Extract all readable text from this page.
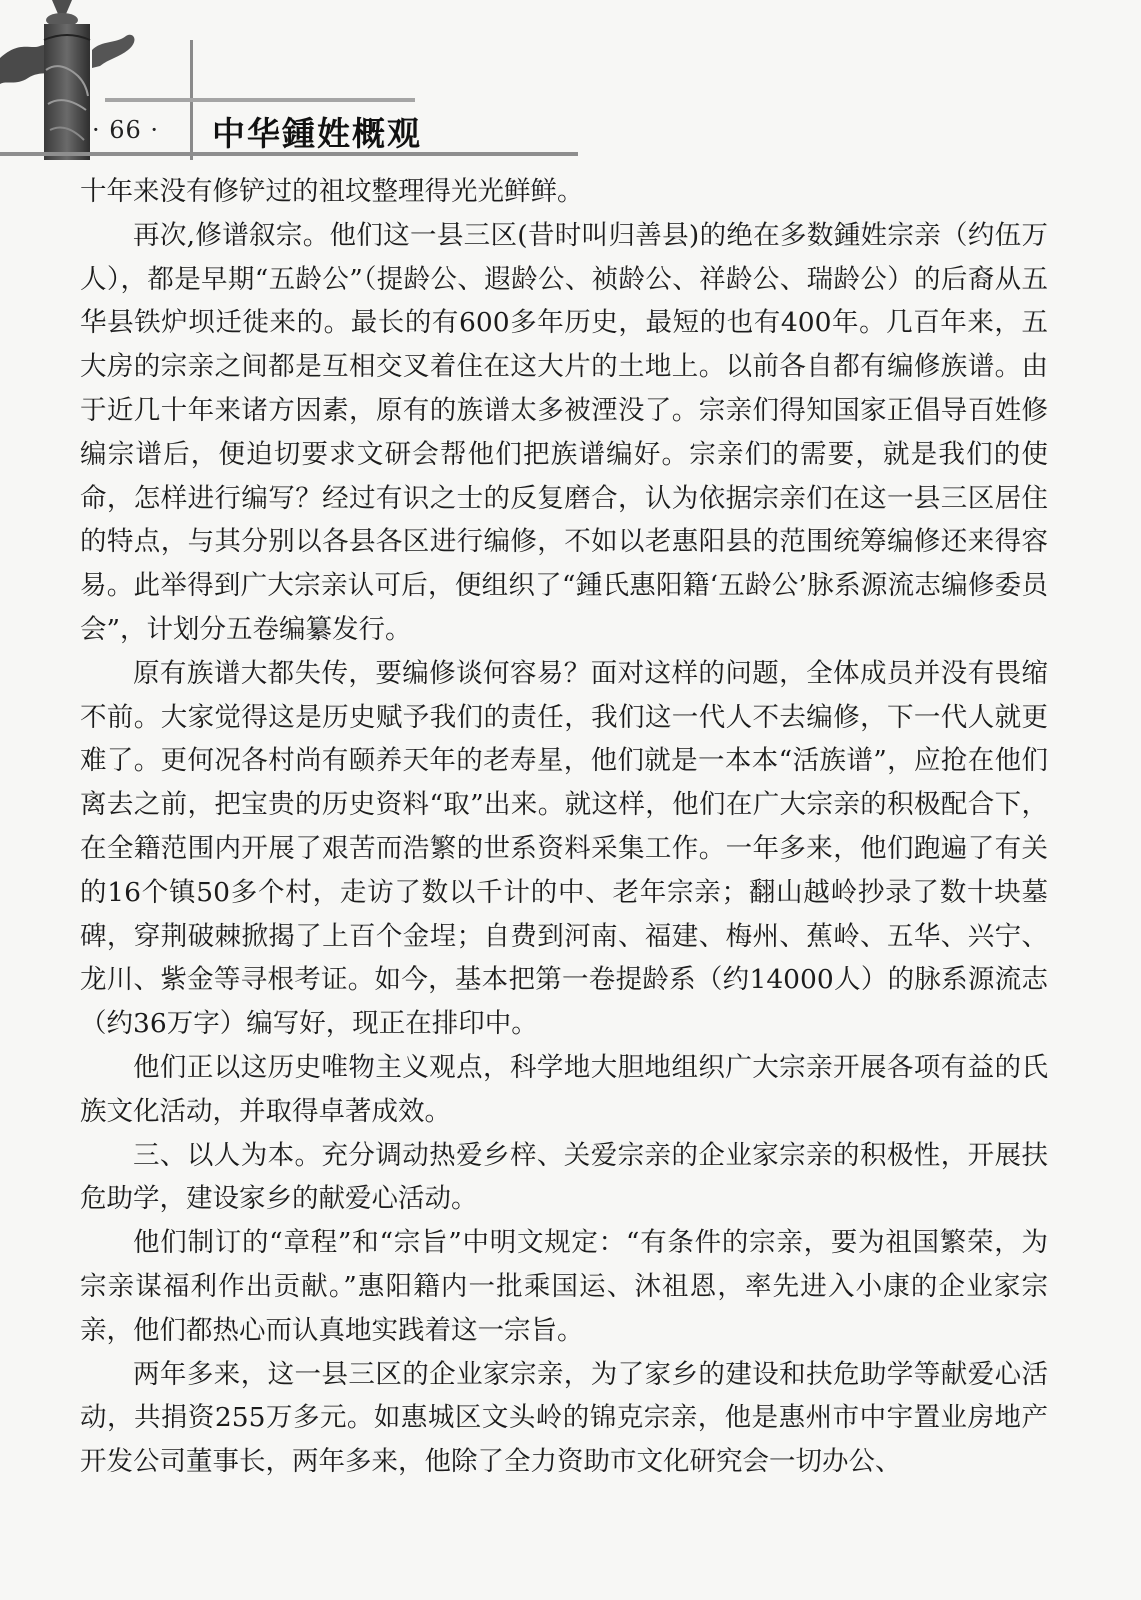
· 66 · 中华鍾姓概观

十年来没有修铲过的祖坟整理得光光鲜鲜。

再次,修谱叙宗。他们这一县三区(昔时叫归善县)的绝在多数鍾姓宗亲（约伍万人），都是早期“五龄公”（提龄公、遐龄公、祯龄公、祥龄公、瑞龄公）的后裔从五华县铁炉坝迁徙来的。最长的有600多年历史，最短的也有400年。几百年来，五大房的宗亲之间都是互相交叉着住在这大片的土地上。以前各自都有编修族谱。由于近几十年来诸方因素，原有的族谱太多被湮没了。宗亲们得知国家正倡导百姓修编宗谱后，便迫切要求文研会帮他们把族谱编好。宗亲们的需要，就是我们的使命，怎样进行编写？经过有识之士的反复磨合，认为依据宗亲们在这一县三区居住的特点，与其分别以各县各区进行编修，不如以老惠阳县的范围统筹编修还来得容易。此举得到广大宗亲认可后，便组织了“鍾氏惠阳籍‘五龄公’脉系源流志编修委员会”，计划分五卷编纂发行。

原有族谱大都失传，要编修谈何容易？面对这样的问题，全体成员并没有畏缩不前。大家觉得这是历史赋予我们的责任，我们这一代人不去编修，下一代人就更难了。更何况各村尚有颐养天年的老寿星，他们就是一本本“活族谱”，应抢在他们离去之前，把宝贵的历史资料“取”出来。就这样，他们在广大宗亲的积极配合下，在全籍范围内开展了艰苦而浩繁的世系资料采集工作。一年多来，他们跑遍了有关的16个镇50多个村，走访了数以千计的中、老年宗亲；翻山越岭抄录了数十块墓碑，穿荆破棘掀揭了上百个金埕；自费到河南、福建、梅州、蕉岭、五华、兴宁、龙川、紫金等寻根考证。如今，基本把第一卷提龄系（约14000人）的脉系源流志（约36万字）编写好，现正在排印中。

他们正以这历史唯物主义观点，科学地大胆地组织广大宗亲开展各项有益的氏族文化活动，并取得卓著成效。

三、以人为本。充分调动热爱乡梓、关爱宗亲的企业家宗亲的积极性，开展扶危助学，建设家乡的献爱心活动。

他们制订的“章程”和“宗旨”中明文规定：“有条件的宗亲，要为祖国繁荣，为宗亲谋福利作出贡献。”惠阳籍内一批乘国运、沐祖恩，率先进入小康的企业家宗亲，他们都热心而认真地实践着这一宗旨。

两年多来，这一县三区的企业家宗亲，为了家乡的建设和扶危助学等献爱心活动，共捐资255万多元。如惠城区文头岭的锦克宗亲，他是惠州市中宇置业房地产开发公司董事长，两年多来，他除了全力资助市文化研究会一切办公、
